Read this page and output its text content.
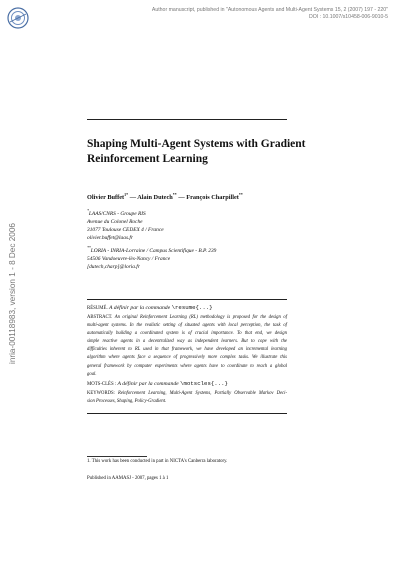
Author manuscript, published in "Autonomous Agents and Multi-Agent Systems 15, 2 (2007) 197 - 220"
DOI : 10.1007/s10458-006-9010-5
inria-00118983, version 1 - 8 Dec 2006
Shaping Multi-Agent Systems with Gradient Reinforcement Learning
Olivier Buffet$^{1*}$ — Alain Dutech** — François Charpillet**
*LAAS/CNRS - Groupe RIS
Avenue du Colonel Roche
31077 Toulouse CEDEX 4 / France
olivier.buffet@laas.fr
**LORIA - INRIA-Lorraine / Campus Scientifique - B.P. 239
54506 Vandoeuvre-lès-Nancy / France
[dutech,charp]@loria.fr
RÉSUMÉ. A définir par la commande \resume{...}
ABSTRACT. An original Reinforcement Learning (RL) methodology is proposed for the design of
multi-agent systems. In the realistic setting of situated agents with local perception, the task of
automatically building a coordinated system is of crucial importance. To that end, we design
simple reactive agents in a decentralized way as independent learners. But to cope with the
difficulties inherent to RL used in that framework, we have developed an incremental learning
algorithm where agents face a sequence of progressively more complex tasks. We illustrate this
general framework by computer experiments where agents have to coordinate to reach a global
goal.
MOTS-CLÉS : A définir par la commande \motscles{...}
KEYWORDS: Reinforcement Learning, Multi-Agent Systems, Partially Observable Markov Deci-
sion Processes, Shaping, Policy-Gradient.
1. This work has been conducted in part in NICTA's Canberra laboratory.
Published in AAMASJ - 2007, pages 1 à 1
